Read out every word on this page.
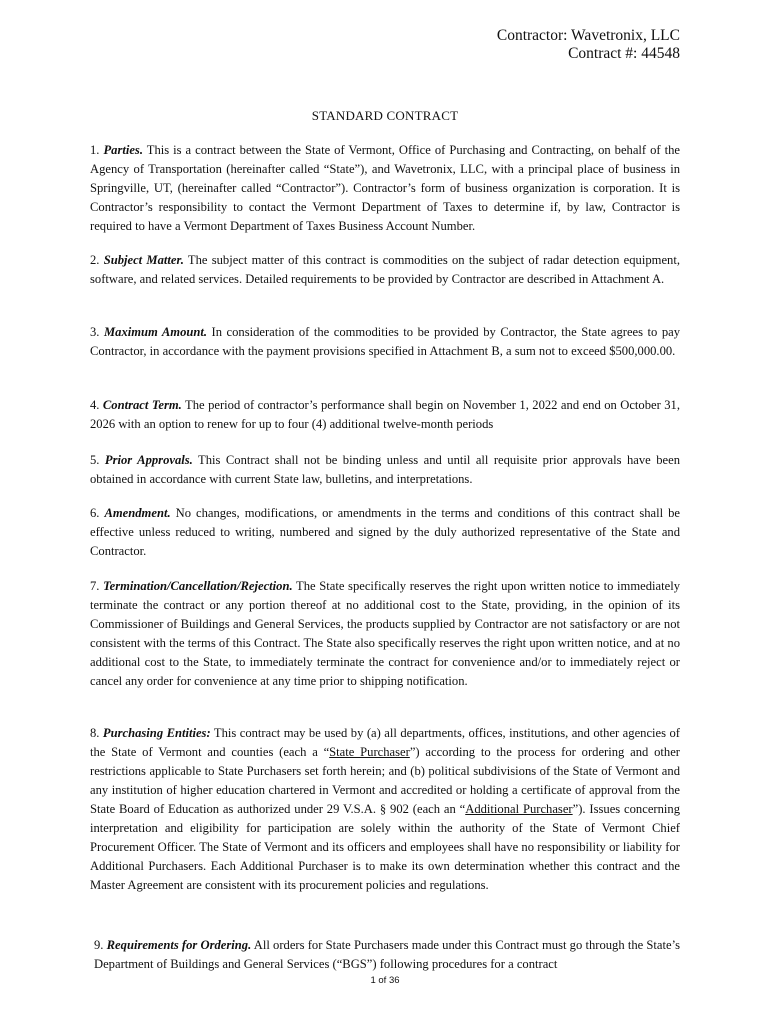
Contractor: Wavetronix, LLC
Contract #: 44548
STANDARD CONTRACT
1. Parties. This is a contract between the State of Vermont, Office of Purchasing and Contracting, on behalf of the Agency of Transportation (hereinafter called “State”), and Wavetronix, LLC, with a principal place of business in Springville, UT, (hereinafter called “Contractor”). Contractor’s form of business organization is corporation. It is Contractor’s responsibility to contact the Vermont Department of Taxes to determine if, by law, Contractor is required to have a Vermont Department of Taxes Business Account Number.
2. Subject Matter. The subject matter of this contract is commodities on the subject of radar detection equipment, software, and related services. Detailed requirements to be provided by Contractor are described in Attachment A.
3. Maximum Amount. In consideration of the commodities to be provided by Contractor, the State agrees to pay Contractor, in accordance with the payment provisions specified in Attachment B, a sum not to exceed $500,000.00.
4. Contract Term. The period of contractor’s performance shall begin on November 1, 2022 and end on October 31, 2026 with an option to renew for up to four (4) additional twelve-month periods
5. Prior Approvals. This Contract shall not be binding unless and until all requisite prior approvals have been obtained in accordance with current State law, bulletins, and interpretations.
6. Amendment. No changes, modifications, or amendments in the terms and conditions of this contract shall be effective unless reduced to writing, numbered and signed by the duly authorized representative of the State and Contractor.
7. Termination/Cancellation/Rejection. The State specifically reserves the right upon written notice to immediately terminate the contract or any portion thereof at no additional cost to the State, providing, in the opinion of its Commissioner of Buildings and General Services, the products supplied by Contractor are not satisfactory or are not consistent with the terms of this Contract. The State also specifically reserves the right upon written notice, and at no additional cost to the State, to immediately terminate the contract for convenience and/or to immediately reject or cancel any order for convenience at any time prior to shipping notification.
8. Purchasing Entities: This contract may be used by (a) all departments, offices, institutions, and other agencies of the State of Vermont and counties (each a “State Purchaser”) according to the process for ordering and other restrictions applicable to State Purchasers set forth herein; and (b) political subdivisions of the State of Vermont and any institution of higher education chartered in Vermont and accredited or holding a certificate of approval from the State Board of Education as authorized under 29 V.S.A. § 902 (each an “Additional Purchaser”). Issues concerning interpretation and eligibility for participation are solely within the authority of the State of Vermont Chief Procurement Officer. The State of Vermont and its officers and employees shall have no responsibility or liability for Additional Purchasers. Each Additional Purchaser is to make its own determination whether this contract and the Master Agreement are consistent with its procurement policies and regulations.
9. Requirements for Ordering. All orders for State Purchasers made under this Contract must go through the State’s Department of Buildings and General Services (“BGS”) following procedures for a contract
1 of 36
